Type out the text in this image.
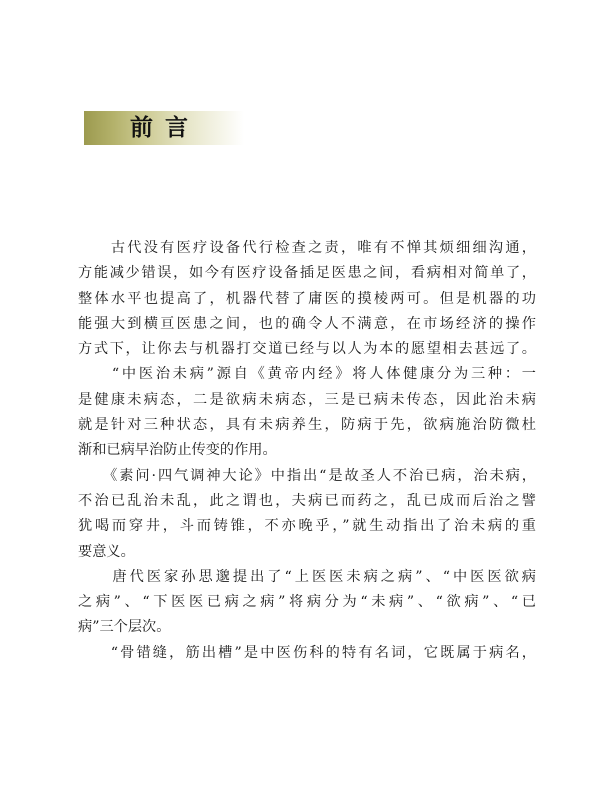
前言

　　古代没有医疗设备代行检查之责，唯有不惮其烦细细沟通，
方能减少错误，如今有医疗设备插足医患之间，看病相对简单了，
整体水平也提高了，机器代替了庸医的摸棱两可。但是机器的功
能强大到横亘医患之间，也的确令人不满意，在市场经济的操作
方式下，让你去与机器打交道已经与以人为本的愿望相去甚远了。

　　“中医治未病”源自《黄帝内经》将人体健康分为三种：一
是健康未病态，二是欲病未病态，三是已病未传态，因此治未病
就是针对三种状态，具有未病养生，防病于先，欲病施治防微杜
渐和已病早治防止传变的作用。

　　《素问·四气调神大论》中指出“是故圣人不治已病，治未病，
不治已乱治未乱，此之谓也，夫病已而药之，乱已成而后治之譬
犹喝而穿井，斗而铸锥，不亦晚乎，”就生动指出了治未病的重
要意义。

　　唐代医家孙思邈提出了“上医医未病之病”、“中医医欲病
之病”、“下医医已病之病”将病分为“未病”、“欲病”、“已
病”三个层次。

　　“骨错缝，筋出槽”是中医伤科的特有名词，它既属于病名，
